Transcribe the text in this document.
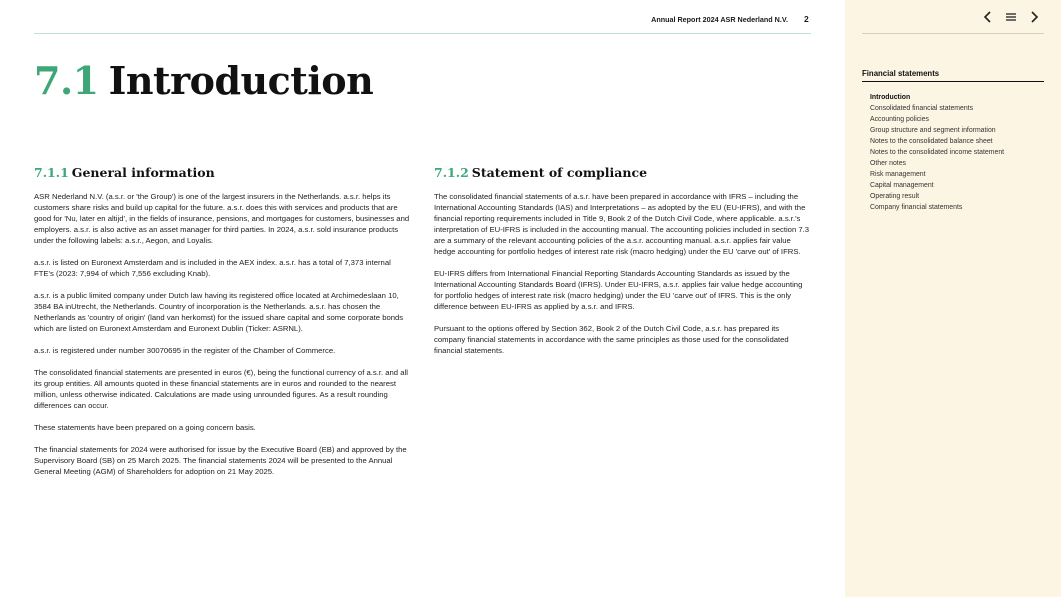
Annual Report 2024 ASR Nederland N.V. 2
7.1 Introduction
7.1.1 General information

ASR Nederland N.V. (a.s.r. or 'the Group') is one of the largest insurers in the Netherlands. a.s.r. helps its customers share risks and build up capital for the future. a.s.r. does this with services and products that are good for 'Nu, later en altijd', in the fields of insurance, pensions, and mortgages for customers, businesses and employers. a.s.r. is also active as an asset manager for third parties. In 2024, a.s.r. sold insurance products under the following labels: a.s.r., Aegon, and Loyalis.

a.s.r. is listed on Euronext Amsterdam and is included in the AEX index. a.s.r. has a total of 7,373 internal FTE's (2023: 7,994 of which 7,556 excluding Knab).

a.s.r. is a public limited company under Dutch law having its registered office located at Archimedeslaan 10, 3584 BA inUtrecht, the Netherlands. Country of incorporation is the Netherlands. a.s.r. has chosen the Netherlands as 'country of origin' (land van herkomst) for the issued share capital and some corporate bonds which are listed on Euronext Amsterdam and Euronext Dublin (Ticker: ASRNL).

a.s.r. is registered under number 30070695 in the register of the Chamber of Commerce.

The consolidated financial statements are presented in euros (€), being the functional currency of a.s.r. and all its group entities. All amounts quoted in these financial statements are in euros and rounded to the nearest million, unless otherwise indicated. Calculations are made using unrounded figures. As a result rounding differences can occur.

These statements have been prepared on a going concern basis.

The financial statements for 2024 were authorised for issue by the Executive Board (EB) and approved by the Supervisory Board (SB) on 25 March 2025. The financial statements 2024 will be presented to the Annual General Meeting (AGM) of Shareholders for adoption on 21 May 2025.

7.1.2 Statement of compliance

The consolidated financial statements of a.s.r. have been prepared in accordance with IFRS – including the International Accounting Standards (IAS) and Interpretations – as adopted by the EU (EU-IFRS), and with the financial reporting requirements included in Title 9, Book 2 of the Dutch Civil Code, where applicable. a.s.r.'s interpretation of EU-IFRS is included in the accounting manual. The accounting policies included in section 7.3 are a summary of the relevant accounting policies of the a.s.r. accounting manual. a.s.r. applies fair value hedge accounting for portfolio hedges of interest rate risk (macro hedging) under the EU 'carve out' of IFRS.

EU-IFRS differs from International Financial Reporting Standards Accounting Standards as issued by the International Accounting Standards Board (IFRS). Under EU-IFRS, a.s.r. applies fair value hedge accounting for portfolio hedges of interest rate risk (macro hedging) under the EU 'carve out' of IFRS. This is the only difference between EU-IFRS as applied by a.s.r. and IFRS.

Pursuant to the options offered by Section 362, Book 2 of the Dutch Civil Code, a.s.r. has prepared its company financial statements in accordance with the same principles as those used for the consolidated financial statements.

Financial statements
Introduction
Consolidated financial statements
Accounting policies
Group structure and segment information
Notes to the consolidated balance sheet
Notes to the consolidated income statement
Other notes
Risk management
Capital management
Operating result
Company financial statements
